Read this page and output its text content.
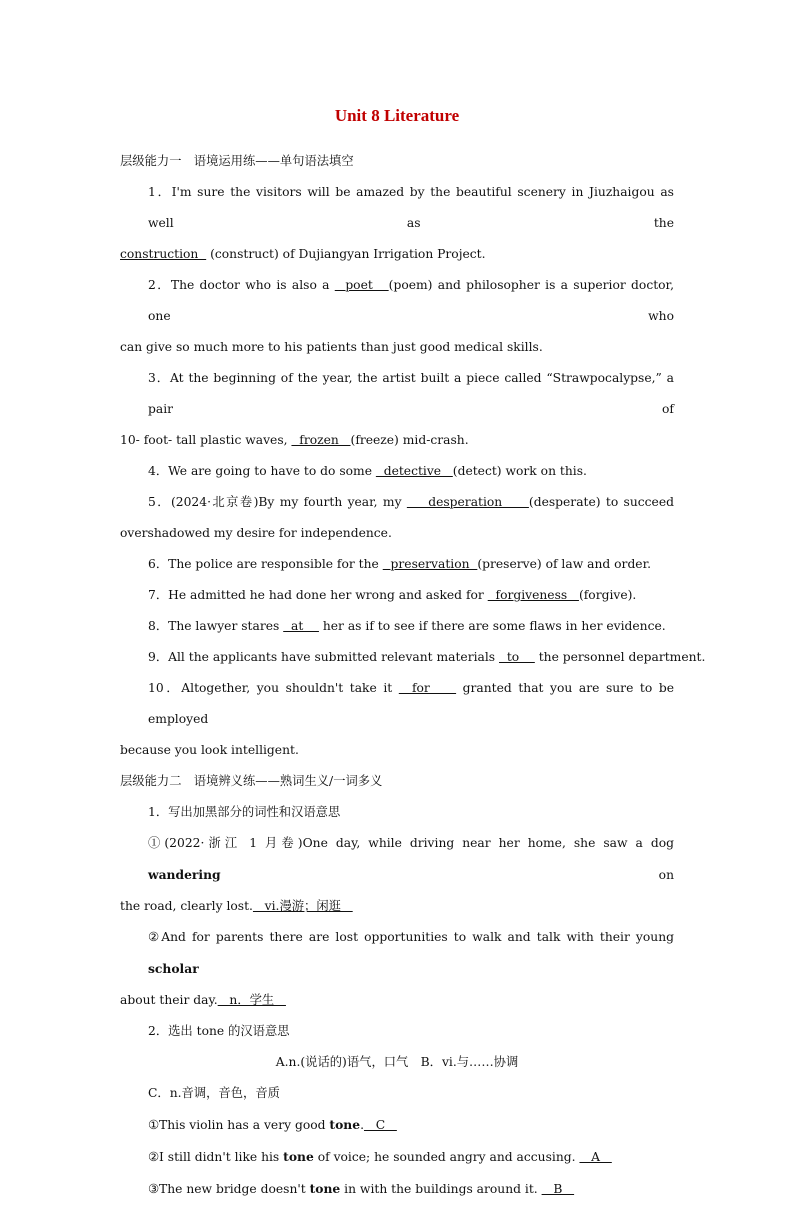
Unit 8 Literature
层级能力一　语境运用练——单句语法填空
1．I'm sure the visitors will be amazed by the beautiful scenery in Jiuzhaigou as well as the
construction   (construct) of Dujiangyan Irrigation Project.
2．The doctor who is also a   poet   (poem) and philosopher is a superior doctor, one who
can give so much more to his patients than just good medical skills.
3．At the beginning of the year, the artist built a piece called “Strawpocalypse,” a pair of
10- foot- tall plastic waves,   frozen   (freeze) mid-crash.
4．We are going to have to do some   detective   (detect) work on this.
5．(2024·北京卷)By my fourth year, my     desperation     (desperate) to succeed
overshadowed my desire for independence.
6．The police are responsible for the   preservation  (preserve) of law and order.
7．He admitted he had done her wrong and asked for   forgiveness   (forgive).
8．The lawyer stares   at     her as if to see if there are some flaws in her evidence.
9．All the applicants have submitted relevant materials   to     the personnel department.
10．Altogether, you shouldn't take it   for     granted that you are sure to be employed
because you look intelligent.
层级能力二　语境辨义练——熟词生义/一词多义
1．写出加黑部分的词性和汉语意思
①(2022·浙江 1 月卷)One day, while driving near her home, she saw a dog wandering on
the road, clearly lost.   vi.漫游；闲逛
②And for parents there are lost opportunities to walk and talk with their young scholar
about their day.   n．学生
2．选出 tone 的汉语意思
A.n.(说话的)语气，口气　B．vi.与……协调
C．n.音调，音色，音质
①This violin has a very good tone.   C
②I still didn't like his tone of voice; he sounded angry and accusing.    A
③The new bridge doesn't tone in with the buildings around it.    B
